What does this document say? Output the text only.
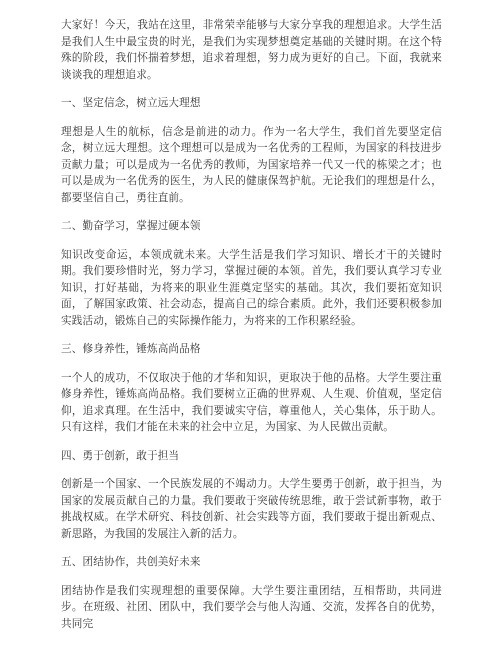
大家好！今天，我站在这里，非常荣幸能够与大家分享我的理想追求。大学生活是我们人生中最宝贵的时光，是我们为实现梦想奠定基础的关键时期。在这个特殊的阶段，我们怀揣着梦想，追求着理想，努力成为更好的自己。下面，我就来谈谈我的理想追求。

一、坚定信念，树立远大理想

理想是人生的航标，信念是前进的动力。作为一名大学生，我们首先要坚定信念，树立远大理想。这个理想可以是成为一名优秀的工程师，为国家的科技进步贡献力量；可以是成为一名优秀的教师，为国家培养一代又一代的栋梁之才；也可以是成为一名优秀的医生，为人民的健康保驾护航。无论我们的理想是什么，都要坚信自己，勇往直前。

二、勤奋学习，掌握过硬本领

知识改变命运，本领成就未来。大学生活是我们学习知识、增长才干的关键时期。我们要珍惜时光，努力学习，掌握过硬的本领。首先，我们要认真学习专业知识，打好基础，为将来的职业生涯奠定坚实的基础。其次，我们要拓宽知识面，了解国家政策、社会动态，提高自己的综合素质。此外，我们还要积极参加实践活动，锻炼自己的实际操作能力，为将来的工作积累经验。

三、修身养性，锤炼高尚品格

一个人的成功，不仅取决于他的才华和知识，更取决于他的品格。大学生要注重修身养性，锤炼高尚品格。我们要树立正确的世界观、人生观、价值观，坚定信仰，追求真理。在生活中，我们要诚实守信，尊重他人，关心集体，乐于助人。只有这样，我们才能在未来的社会中立足，为国家、为人民做出贡献。

四、勇于创新，敢于担当

创新是一个国家、一个民族发展的不竭动力。大学生要勇于创新，敢于担当，为国家的发展贡献自己的力量。我们要敢于突破传统思维，敢于尝试新事物，敢于挑战权威。在学术研究、科技创新、社会实践等方面，我们要敢于提出新观点、新思路，为我国的发展注入新的活力。

五、团结协作，共创美好未来

团结协作是我们实现理想的重要保障。大学生要注重团结，互相帮助，共同进步。在班级、社团、团队中，我们要学会与他人沟通、交流，发挥各自的优势，共同完
